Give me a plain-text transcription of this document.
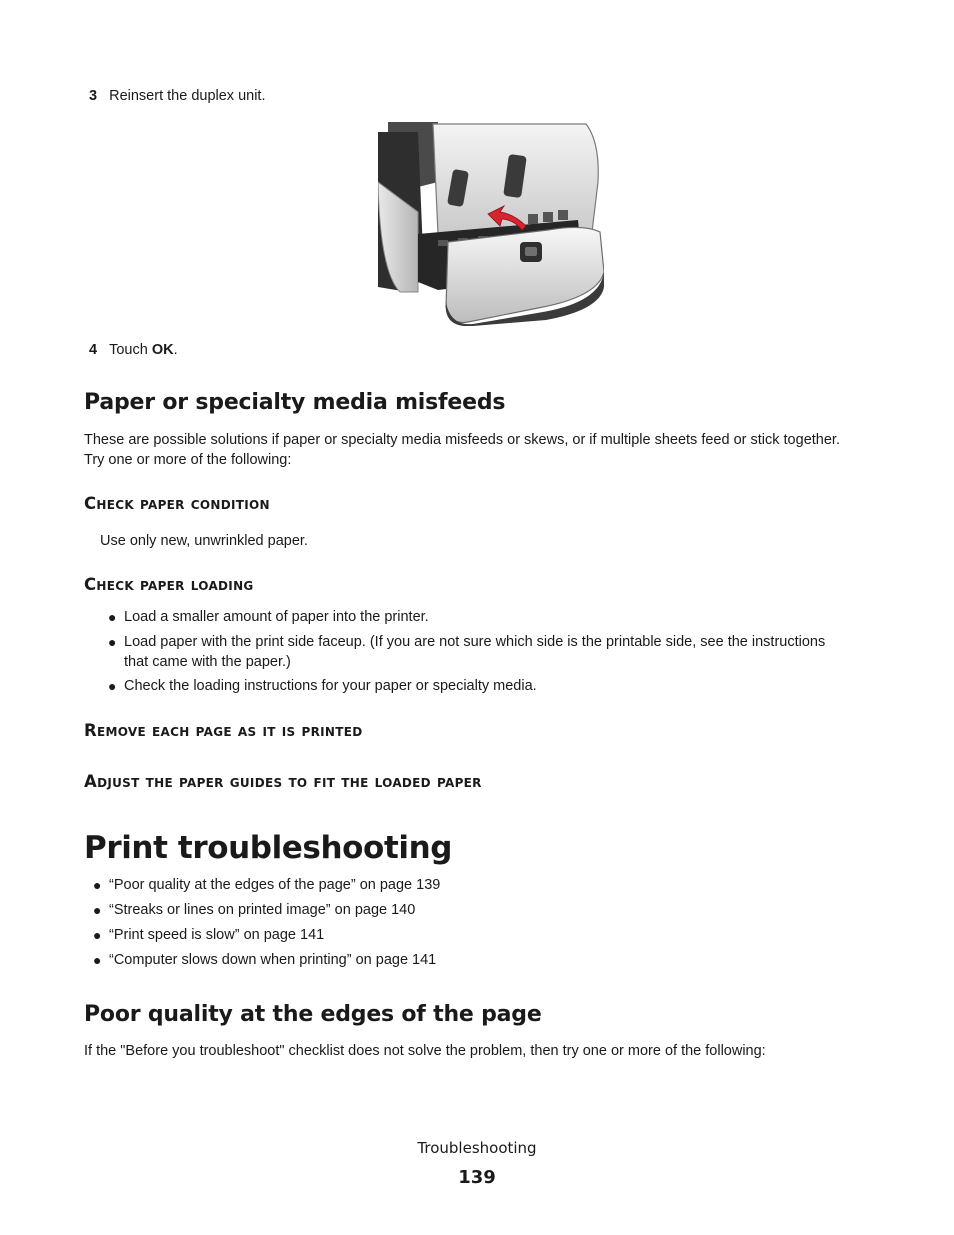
3 Reinsert the duplex unit.
4 Touch OK.
Paper or specialty media misfeeds
These are possible solutions if paper or specialty media misfeeds or skews, or if multiple sheets feed or stick together.
Try one or more of the following:
Check paper condition
Use only new, unwrinkled paper.
Check paper loading
● Load a smaller amount of paper into the printer.
● Load paper with the print side faceup. (If you are not sure which side is the printable side, see the instructions
that came with the paper.)
● Check the loading instructions for your paper or specialty media.
Remove each page as it is printed
Adjust the paper guides to fit the loaded paper
Print troubleshooting
● “Poor quality at the edges of the page” on page 139
● “Streaks or lines on printed image” on page 140
● “Print speed is slow” on page 141
● “Computer slows down when printing” on page 141
Poor quality at the edges of the page
If the "Before you troubleshoot" checklist does not solve the problem, then try one or more of the following:
Troubleshooting
139
